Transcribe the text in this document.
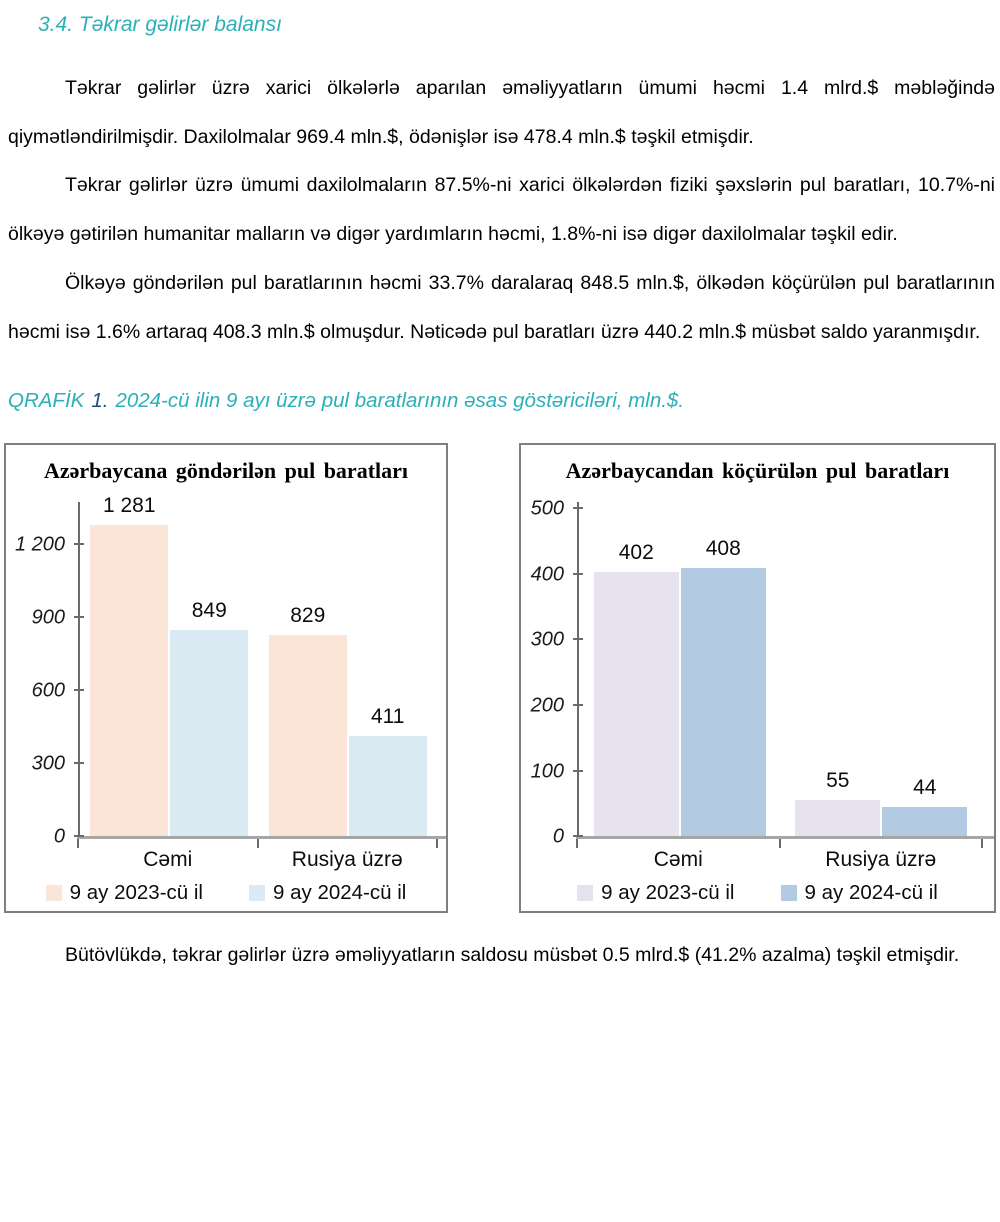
3.4. Təkrar gəlirlər balansı

Təkrar gəlirlər üzrə xarici ölkələrlə aparılan əməliyyatların ümumi həcmi 1.4 mlrd.$ məbləğində qiymətləndirilmişdir. Daxilolmalar 969.4 mln.$, ödənişlər isə 478.4 mln.$ təşkil etmişdir.

Təkrar gəlirlər üzrə ümumi daxilolmaların 87.5%-ni xarici ölkələrdən fiziki şəxslərin pul baratları, 10.7%-ni ölkəyə gətirilən humanitar malların və digər yardımların həcmi, 1.8%-ni isə digər daxilolmalar təşkil edir.

Ölkəyə göndərilən pul baratlarının həcmi 33.7% daralaraq 848.5 mln.$, ölkədən köçürülən pul baratlarının həcmi isə 1.6% artaraq 408.3 mln.$ olmuşdur. Nəticədə pul baratları üzrə 440.2 mln.$ müsbət saldo yaranmışdır.

QRAFİK 1. 2024-cü ilin 9 ayı üzrə pul baratlarının əsas göstəriciləri, mln.$.
Azərbaycana göndərilən pul baratları
1 281
849	829
411
0
300
600
900
1 200
Cəmi	Rusiya üzrə
9 ay 2023-cü il	9 ay 2024-cü il
Azərbaycandan köçürülən pul baratları
402 408
55	44
0
100
200
300
400
500
Cəmi	Rusiya üzrə
9 ay 2023-cü il	9 ay 2024-cü il

Bütövlükdə, təkrar gəlirlər üzrə əməliyyatların saldosu müsbət 0.5 mlrd.$ (41.2% azalma) təşkil etmişdir.
